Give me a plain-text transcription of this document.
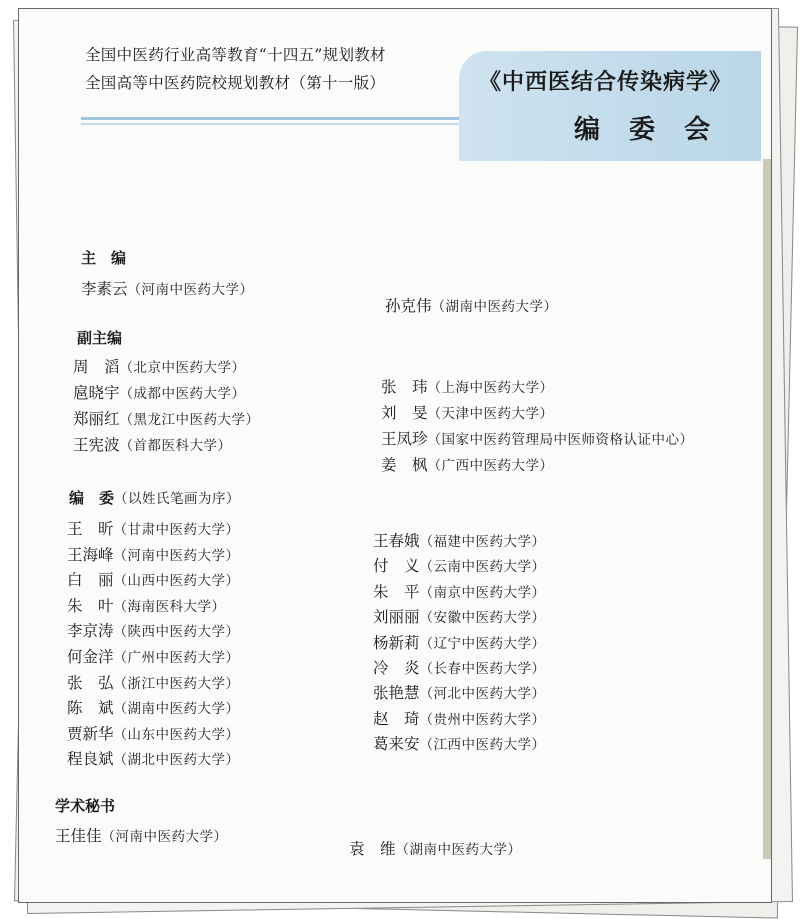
全国中医药行业高等教育“十四五”规划教材
全国高等中医药院校规划教材（第十一版）	《中西医结合传染病学》
编 委 会
主　编
李素云（河南中医药大学）
孙克伟（湖南中医药大学）
副主编
周　滔（北京中医药大学）
扈晓宇（成都中医药大学）
郑丽红（黑龙江中医药大学）
王宪波（首都医科大学）
张　玮（上海中医药大学）
刘　旻（天津中医药大学）
王凤珍（国家中医药管理局中医师资格认证中心）
姜　枫（广西中医药大学）
编　委（以姓氏笔画为序）
王　昕（甘肃中医药大学）
王海峰（河南中医药大学）
白　丽（山西中医药大学）
朱　叶（海南医科大学）
李京涛（陕西中医药大学）
何金洋（广州中医药大学）
张　弘（浙江中医药大学）
陈　斌（湖南中医药大学）
贾新华（山东中医药大学）
程良斌（湖北中医药大学）
王春娥（福建中医药大学）
付　义（云南中医药大学）
朱　平（南京中医药大学）
刘丽丽（安徽中医药大学）
杨新莉（辽宁中医药大学）
冷　炎（长春中医药大学）
张艳慧（河北中医药大学）
赵　琦（贵州中医药大学）
葛来安（江西中医药大学）
学术秘书
王佳佳（河南中医药大学）
袁　维（湖南中医药大学）
